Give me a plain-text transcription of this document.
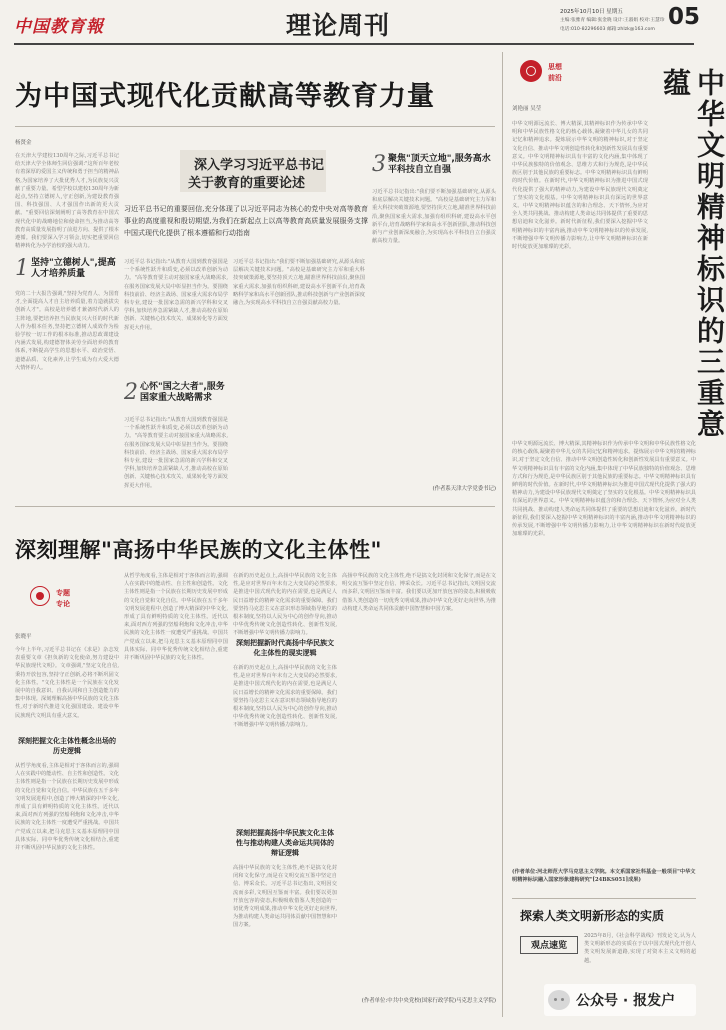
中国教育報	理论周刊	2025年10月10日 星期五
主编:张雅青 编辑:张金晓 设计:王淑娟 校对:王慧珍
电话:010-82296603 邮箱:zhlzk@163.com 05
为中国式现代化贡献高等教育力量
杨贤金
在天津大学建校130周年之际,习近平总书记给天津大学全体师生回信强调:"这所百年老校有着深厚的爱国主义传统和勇于担当的精神品格,为国家培养了大批优秀人才,为民族复兴贡献了重要力量。希望学校以建校130周年为新起点,坚持立德树人,守正创新,为建设教育强国、科技强国、人才强国作出新的更大贡献。"重要回信深刻阐明了高等教育在中国式现代化中的战略地位和使命担当,为推动高等教育高质量发展指明了前进方向、提供了根本遵循。我们要深入学习领会,切实把重要回信精神转化为办学治校的强大动力。
1 坚持"立德树人",提高人才培养质量
党的二十大报告强调,"坚持为党育人、为国育才,全面提高人才自主培养质量,着力造就拔尖创新人才"。高校是培养德才兼备时代新人的主阵地,要把培养担当民族复兴大任的时代新人作为根本任务,坚持把立德树人成效作为检验学校一切工作的根本标准,推动思政课建设内涵式发展,构建德智体美劳全面培养的教育体系,不断提高学生的思想水平、政治觉悟、道德品质、文化素养,让学生成为有大爱大德大情怀的人。
深入学习习近平总书记
关于教育的重要论述
习近平总书记的重要回信,充分体现了以习近平同志为核心的党中央对高等教育事业的高度重视和殷切期望,为我们在新起点上以高等教育高质量发展服务支撑中国式现代化提供了根本遵循和行动指南
习近平总书记指出:"从教育大国到教育强国是一个系统性跃升和质变,必须以改革创新为动力。"高等教育要主动对接国家重大战略需求,在服务国家发展大局中彰显担当作为。要围绕科技前沿、经济主战场、国家重大需求布局学科专业,建设一批国家急需的新兴学科和交叉学科,加快培养急需紧缺人才,推动高校在原始创新、关键核心技术攻关、成果转化等方面发挥更大作用。
2 心怀"国之大者",服务国家重大战略需求
习近平总书记指出:"从教育大国到教育强国是一个系统性跃升和质变,必须以改革创新为动力。"高等教育要主动对接国家重大战略需求,在服务国家发展大局中彰显担当作为。要围绕科技前沿、经济主战场、国家重大需求布局学科专业,建设一批国家急需的新兴学科和交叉学科,加快培养急需紧缺人才,推动高校在原始创新、关键核心技术攻关、成果转化等方面发挥更大作用。
习近平总书记指出:"我们要不断加强基础研究,从源头和底层解决关键技术问题。"高校是基础研究主力军和重大科技突破策源地,要坚持顶天立地,瞄准世界科技前沿,聚焦国家重大需求,加强有组织科研,建设高水平创新平台,培育战略科学家和高水平创新团队,推动科技创新与产业创新深度融合,为实现高水平科技自立自强贡献高校力量。
3 聚焦"顶天立地",服务高水平科技自立自强
习近平总书记指出:"我们要不断加强基础研究,从源头和底层解决关键技术问题。"高校是基础研究主力军和重大科技突破策源地,要坚持顶天立地,瞄准世界科技前沿,聚焦国家重大需求,加强有组织科研,建设高水平创新平台,培育战略科学家和高水平创新团队,推动科技创新与产业创新深度融合,为实现高水平科技自立自强贡献高校力量。
(作者系天津大学党委书记)
深刻理解"高扬中华民族的文化主体性"
专题
专论
张晓平
今年上半年,习近平总书记在《求是》杂志发表重要文章《担负新的文化使命,努力建设中华民族现代文明》。文章强调,"坚定文化自信,秉持开放包容,坚持守正创新,必将不断巩固文化主体性。"文化主体性是一个民族在文化发展中的自我意识、自我认同和自主创造能力的集中体现。深刻理解高扬中华民族的文化主体性,对于新时代推进文化强国建设、建设中华民族现代文明具有重大意义。
深刻把握文化主体性概念出场的历史逻辑
从哲学角度看,主体是相对于客体而言的,强调人在实践中的能动性、自主性和创造性。文化主体性则是指一个民族在长期历史发展中形成的文化自觉和文化自信。中华民族在五千多年文明发展进程中,创造了博大精深的中华文化,形成了具有鲜明特质的文化主体性。近代以来,面对西方列强的坚船利炮和文化冲击,中华民族的文化主体性一度遭受严重挑战。中国共产党成立以来,把马克思主义基本原理同中国具体实际、同中华优秀传统文化相结合,重建并不断巩固中华民族的文化主体性。
从哲学角度看,主体是相对于客体而言的,强调人在实践中的能动性、自主性和创造性。文化主体性则是指一个民族在长期历史发展中形成的文化自觉和文化自信。中华民族在五千多年文明发展进程中,创造了博大精深的中华文化,形成了具有鲜明特质的文化主体性。近代以来,面对西方列强的坚船利炮和文化冲击,中华民族的文化主体性一度遭受严重挑战。中国共产党成立以来,把马克思主义基本原理同中国具体实际、同中华优秀传统文化相结合,重建并不断巩固中华民族的文化主体性。
在新的历史起点上,高扬中华民族的文化主体性,是应对世界百年未有之大变局的必然要求,是推进中国式现代化的内在需要,也是满足人民日益增长的精神文化需求的重要保障。我们要坚持马克思主义在意识形态领域指导地位的根本制度,坚持以人民为中心的创作导向,推动中华优秀传统文化创造性转化、创新性发展,不断增强中华文明传播力影响力。
深刻把握新时代高扬中华民族文化主体性的现实逻辑
在新的历史起点上,高扬中华民族的文化主体性,是应对世界百年未有之大变局的必然要求,是推进中国式现代化的内在需要,也是满足人民日益增长的精神文化需求的重要保障。我们要坚持马克思主义在意识形态领域指导地位的根本制度,坚持以人民为中心的创作导向,推动中华优秀传统文化创造性转化、创新性发展,不断增强中华文明传播力影响力。
深刻把握高扬中华民族文化主体性与推动构建人类命运共同体的辩证逻辑
高扬中华民族的文化主体性,绝不是搞文化封闭和文化保守,而是在文明交流互鉴中坚定自信、博采众长。习近平总书记指出,文明因交流而多彩,文明因互鉴而丰富。我们要以更加开放包容的姿态,积极吸收借鉴人类创造的一切优秀文明成果,推动中华文化更好走向世界,为推动构建人类命运共同体贡献中国智慧和中国方案。
高扬中华民族的文化主体性,绝不是搞文化封闭和文化保守,而是在文明交流互鉴中坚定自信、博采众长。习近平总书记指出,文明因交流而多彩,文明因互鉴而丰富。我们要以更加开放包容的姿态,积极吸收借鉴人类创造的一切优秀文明成果,推动中华文化更好走向世界,为推动构建人类命运共同体贡献中国智慧和中国方案。
(作者单位:中共中央党校(国家行政学院)马克思主义学院)
思想
前沿	中华文明精神标识的三重意蕴
刘艳丽 吴莹
中华文明源远流长、博大精深,其精神标识作为传承中华文明和中华民族性格文化的核心载体,凝聚着中华儿女的共同记忆和精神追求。提炼展示中华文明的精神标识,对于坚定文化自信、推动中华文明创造性转化和创新性发展具有重要意义。中华文明精神标识具有丰富的文化内涵,集中体现了中华民族独特的价值观念、思维方式和行为规范,是中华民族区别于其他民族的重要标志。中华文明精神标识具有鲜明的时代价值。在新时代,中华文明精神标识为推进中国式现代化提供了强大的精神动力,为建设中华民族现代文明奠定了坚实的文化根基。中华文明精神标识具有深远的世界意义。中华文明精神标识蕴含的和合理念、天下情怀,为应对全人类共同挑战、推动构建人类命运共同体提供了重要的思想启迪和文化滋养。新时代新征程,我们要深入挖掘中华文明精神标识的丰富内涵,推动中华文明精神标识的传承发展,不断增强中华文明传播力影响力,让中华文明精神标识在新时代绽放更加璀璨的光彩。
中华文明源远流长、博大精深,其精神标识作为传承中华文明和中华民族性格文化的核心载体,凝聚着中华儿女的共同记忆和精神追求。提炼展示中华文明的精神标识,对于坚定文化自信、推动中华文明创造性转化和创新性发展具有重要意义。中华文明精神标识具有丰富的文化内涵,集中体现了中华民族独特的价值观念、思维方式和行为规范,是中华民族区别于其他民族的重要标志。中华文明精神标识具有鲜明的时代价值。在新时代,中华文明精神标识为推进中国式现代化提供了强大的精神动力,为建设中华民族现代文明奠定了坚实的文化根基。中华文明精神标识具有深远的世界意义。中华文明精神标识蕴含的和合理念、天下情怀,为应对全人类共同挑战、推动构建人类命运共同体提供了重要的思想启迪和文化滋养。新时代新征程,我们要深入挖掘中华文明精神标识的丰富内涵,推动中华文明精神标识的传承发展,不断增强中华文明传播力影响力,让中华文明精神标识在新时代绽放更加璀璨的光彩。
(作者单位:河北师范大学马克思主义学院。本文系国家社科基金一般项目"中华文明精神标识融入国家形象建构研究"[24BKS051]成果)
探索人类文明新形态的实质
观点速览
2025年8月,《社会科学战线》刊发论文,认为人类文明新形态的实质在于以中国式现代化开创人类文明发展新道路,实现了对资本主义文明的超越。
公众号 · 报发户
